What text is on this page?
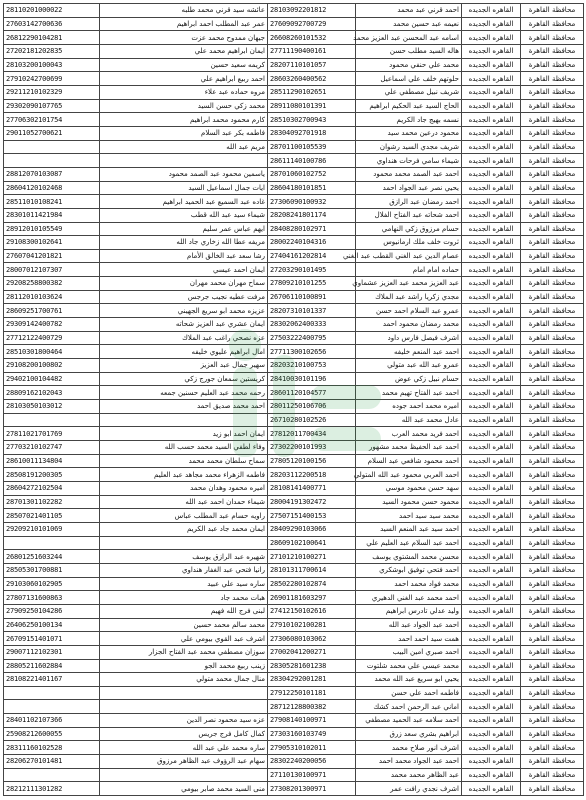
28110201000022	عائشه سيد قرني محمد طلبه	28103092201812	احمد قرني عبد محمد	القاهره الجديده	محافظة القاهرة
27603142700636	عمر عبد المطلب احمد ابراهيم	27609092700729	نعيمه عبد حسين محمد	القاهره الجديده	محافظة القاهرة
26812290104281	جيهان ممدوح محمد عزت	26608260101532	اسامه عبد المحسن عبد العزيز محمد	القاهره الجديده	محافظة القاهرة
27202181202835	ايمان ابراهيم محمد علي	27711190400161	هاله السيد مطلب حسن	القاهره الجديده	محافظة القاهرة
28103200100043	كريمه سعيد حسين	28207110101057	محمد علي حنفي محمود	القاهره الجديده	محافظة القاهرة
27910242700699	احمد ربيع ابراهيم علي	28603260400562	حلوتهم خلف علي اسماعيل	القاهره الجديده	محافظة القاهرة
29211210102329	مروه حماده عبد علاء	28511290102651	شريف نبيل مصطفي علي	القاهره الجديده	محافظة القاهرة
29302090107765	محمد زكي حسن السيد	28911080101391	الحاج السيد عبد الحكيم ابراهيم	القاهره الجديده	محافظة القاهرة
27706302101754	كارم محمود محمد ابراهيم	28510302700943	نسمه بهيج جاد الكريم	القاهره الجديده	محافظة القاهرة
29011052700621	فاطمه بكر عبد السلام	28304092701918	محمود درعين محمد سيد	القاهره الجديده	محافظة القاهرة
	مريم عبد الله	28701100105539	شريف مجدي السيد رشوان	القاهره الجديده	محافظة القاهرة
		28611140100786	شيماء سامي فرحات هنداوي	القاهره الجديده	محافظة القاهرة
28812070103087	ياسمين محمود عبد الصمد محمود	28701060102752	احمد عبد الصمد محمد محمود	القاهره الجديده	محافظة القاهرة
28604120102468	ايات جمال اسماعيل السيد	28604180101851	يحيي نصر عبد الجواد احمد	القاهره الجديده	محافظة القاهرة
28511010108241	غاده عبد السميع عبد الحميد ابراهيم	27306090100932	احمد رمضان عبد الرازق	القاهره الجديده	محافظة القاهرة
28301011421984	شيماء سيد عبد الله قطب	28208241801174	احمد شحاته عبد الفتاح الفلال	القاهره الجديده	محافظة القاهرة
28912010105549	ايهم عباس عمر سليم	28408280102971	حسام مرزوق زكي النهامي	القاهره الجديده	محافظة القاهرة
29108300102641	مريفه عطا الله زخاري جاد الله	28002240104316	ثروت خلف ملك ارمانيوس	القاهره الجديده	محافظة القاهرة
27607041201821	رشا سعد عبد الخالق الأمام	27404161202814	عصام الدين عبد الغني القطب عبد الغني	القاهره الجديده	محافظة القاهرة
28007012107307	ايمان احمد عيسي	27203290101495	حماده امام امام	القاهره الجديده	محافظة القاهرة
29208258800382	سماح مهران محمد مهران	27809210101255	عبد العزيز محمد عبد العزيز عشماوي	القاهره الجديده	محافظة القاهرة
28112010103624	مرفت عطيه نجيب جرجس	26706110100891	مجدي زكريا راشد عبد الملاك	القاهره الجديده	محافظة القاهرة
28609251700761	عزيزه محمد ابو سريع الجهيني	28207310101337	عمرو عبد السلام احمد حسن	القاهره الجديده	محافظة القاهرة
29309142400782	ايمان عشري عبد العزيز شحاته	28302062400333	محمد رمضان محمود احمد	القاهره الجديده	محافظة القاهرة
27712122400729	عزه نصحي راغب عبد الملاك	27503222400795	اشرف فيصل فارس داود	القاهره الجديده	محافظة القاهرة
28510301800464	امال ابراهيم عليوي خليفه	27711300102656	احمد عبد المنعم خليفه	القاهره الجديده	محافظة القاهرة
29108200100802	سهير جمال عبد العزيز	28203210100753	عمرو عبد الله عبد متولي	القاهره الجديده	محافظة القاهرة
29402100104482	كريستين سمعان جورج زكي	28410030101196	حسام نبيل زكي عوض	القاهره الجديده	محافظة القاهرة
28809162102043	رحمه محمد عبد العليم حسنين جمعه	28601120104577	احمد عبد الفتاح تهيم محمد	القاهره الجديده	محافظة القاهرة
28103050103012	احمد محمد صديق احمد	28011250106706	اميره محمد احمد جوده	القاهره الجديده	محافظة القاهرة
		26710280102526	عادل محمد عبد الله	القاهره الجديده	محافظة القاهرة
27811021701769	ايمان احمد ابو زيد	27812011700434	احمد فريد محمد العرب	القاهره الجديده	محافظة القاهرة
27703210102747	وفاء لطفي السيد محمد حسب الله	27302200101993	احمد عبد الحفيظ محمد مشهور	القاهره الجديده	محافظة القاهرة
28610011134804	سماح سلطان محمد محمد	27805120100156	احمد محمود شافعي عبد السلام	القاهره الجديده	محافظة القاهرة
28508191200305	فاطمه الزهراء محمد مجاهد عبد العليم	28203112200518	احمد العربي محمود عبد الله المتولي	القاهره الجديده	محافظة القاهرة
28604272102504	اميره محمود وهدان محمد	28108141400771	سهد حسن محمود موسي	القاهره الجديده	محافظة القاهرة
28701301102282	شيماء حمدان احمد عبد الله	28004191302472	محمود حسن محمود السيد	القاهره الجديده	محافظة القاهرة
28507021401105	راويه حسام عبد المطلب عباس	27507151400153	محمد سيد سيد احمد	القاهره الجديده	محافظة القاهرة
29209210101069	ايمان محمد جاد عبد الكريم	28409290103066	احمد سيد عبد المنعم السيد	القاهره الجديده	محافظة القاهرة
		28609102100641	احمد عبد السلام عبد العليم علي	القاهره الجديده	محافظة القاهرة
26801251603244	شهيره عبد الرازق يوسف	27101210100271	محسن محمد المشتوي يوسف	القاهره الجديده	محافظة القاهرة
28505301700881	رانيا فتحي عبد الغفار هنداوي	28101311700614	احمد فتحي توفيق ابوشكري	القاهره الجديده	محافظة القاهرة
29103060102905	ساره سيد علي عبيد	28502280102874	محمد فواد محمد احمد	القاهره الجديده	محافظة القاهرة
27807131600863	هبات محمد جاد	26901181603297	احمد محمد عبد الغني الدهيري	القاهره الجديده	محافظة القاهرة
27909250104286	لبنى فرج الله فهيم	27412150102616	وليد عدلي تادرس ابراهيم	القاهره الجديده	محافظة القاهرة
26406250100134	محمد سالم محمد حسين	27910102100281	احمد عبد الجواد عبد الله	القاهره الجديده	محافظة القاهرة
26709151401071	اشرف عبد القوي بيومي علي	27306080103062	همت سيد احمد احمد	القاهره الجديده	محافظة القاهرة
29007112102301	سوزان مصطفي محمد عبد الفتاح الجزار	27002041200271	احمد صبري امين البيب	القاهره الجديده	محافظة القاهرة
28805211602884	زينب ربيع محمد الجو	28305281601238	محمد عيسي علي محمد شلتوت	القاهره الجديده	محافظة القاهرة
28108221401167	منال جمال محمد متولي	28304292001281	يحيي ابو سريع عبد الله محمد	القاهره الجديده	محافظة القاهرة
		27912250101181	فاطمه احمد علي حسن	القاهره الجديده	محافظة القاهرة
		28712128800382	اماني عبد الرحمن احمد كشك	القاهره الجديده	محافظة القاهرة
28401102107366	عزه سيد محمود نصر الدين	27908140100971	احمد سلامه عبد الحميد مصطفي	القاهره الجديده	محافظة القاهرة
25908212600055	كمال كامل فرج جريس	27303160103749	ابراهيم بشري سعد زرق	القاهره الجديده	محافظة القاهرة
28311160102528	ساره محمد علي عبد الله	27905310102011	اشرف انور صلاح محمد	القاهره الجديده	محافظة القاهرة
28206270101481	سهام عبد الرؤوف عبد الظاهر مرزوق	28302240200056	احمد عبد الجواد محمد احمد	القاهره الجديده	محافظة القاهرة
		27110130100971	عبد الظاهر محمد محمد	القاهره الجديده	محافظة القاهرة
28212111301282	منى السيد محمد صابر بيومي	27308201300971	اشرف نجدي رافت عمر	القاهره الجديده	محافظة القاهرة
